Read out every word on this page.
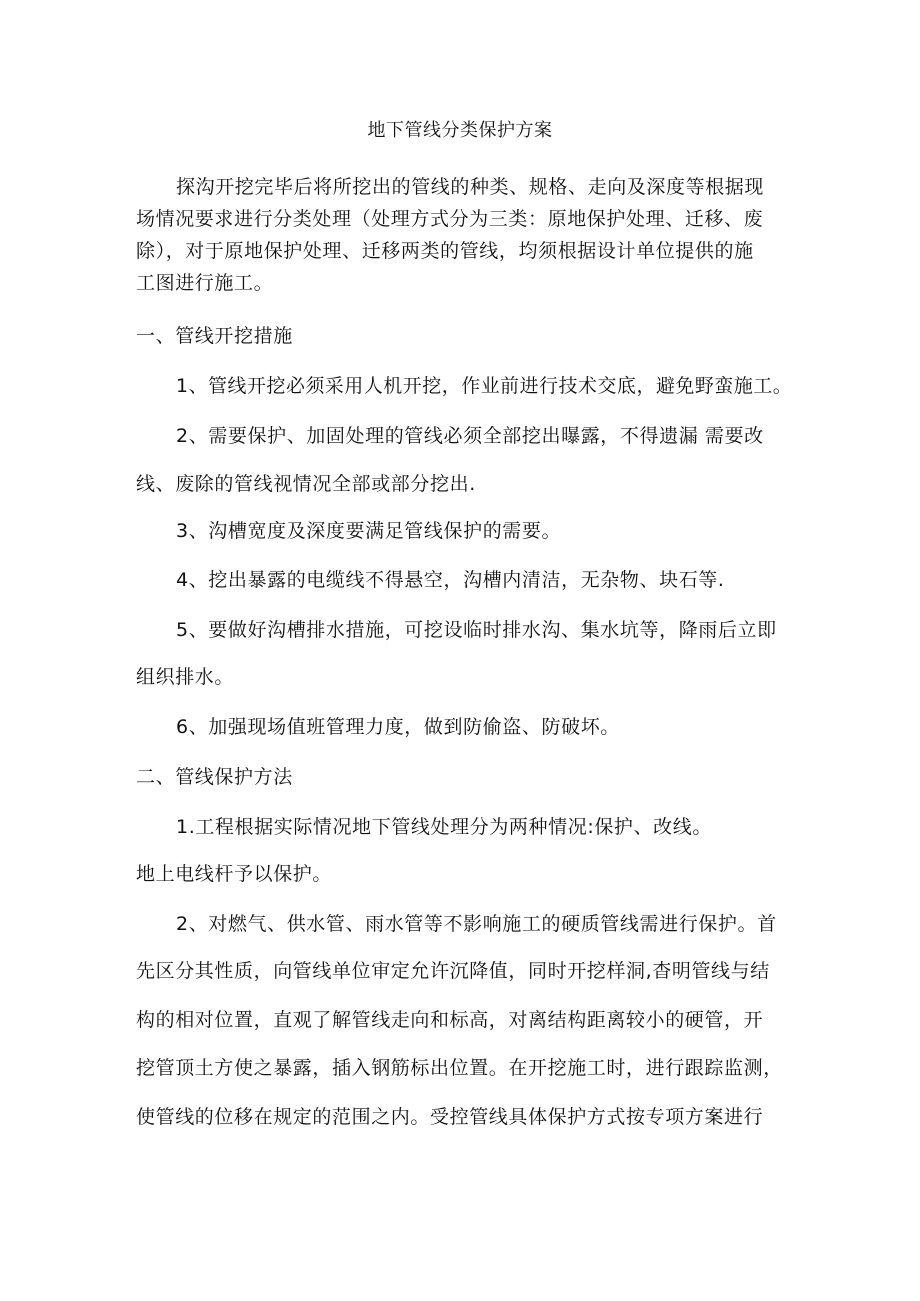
地下管线分类保护方案
探沟开挖完毕后将所挖出的管线的种类、规格、走向及深度等根据现
场情况要求进行分类处理（处理方式分为三类：原地保护处理、迁移、废
除），对于原地保护处理、迁移两类的管线，均须根据设计单位提供的施
工图进行施工。
一、管线开挖措施
1、管线开挖必须采用人机开挖，作业前进行技术交底，避免野蛮施工。
2、需要保护、加固处理的管线必须全部挖出曝露，不得遗漏 需要改
线、废除的管线视情况全部或部分挖出.
3、沟槽宽度及深度要满足管线保护的需要。
4、挖出暴露的电缆线不得悬空，沟槽内清洁，无杂物、块石等.
5、要做好沟槽排水措施，可挖设临时排水沟、集水坑等，降雨后立即
组织排水。
6、加强现场值班管理力度，做到防偷盗、防破坏。
二、管线保护方法
1.工程根据实际情况地下管线处理分为两种情况:保护、改线。
地上电线杆予以保护。
2、对燃气、供水管、雨水管等不影响施工的硬质管线需进行保护。首
先区分其性质，向管线单位审定允许沉降值，同时开挖样洞,杳明管线与结
构的相对位置，直观了解管线走向和标高，对离结构距离较小的硬管，开
挖管顶土方使之暴露，插入钢筋标出位置。在开挖施工时，进行跟踪监测，
使管线的位移在规定的范围之内。受控管线具体保护方式按专项方案进行
